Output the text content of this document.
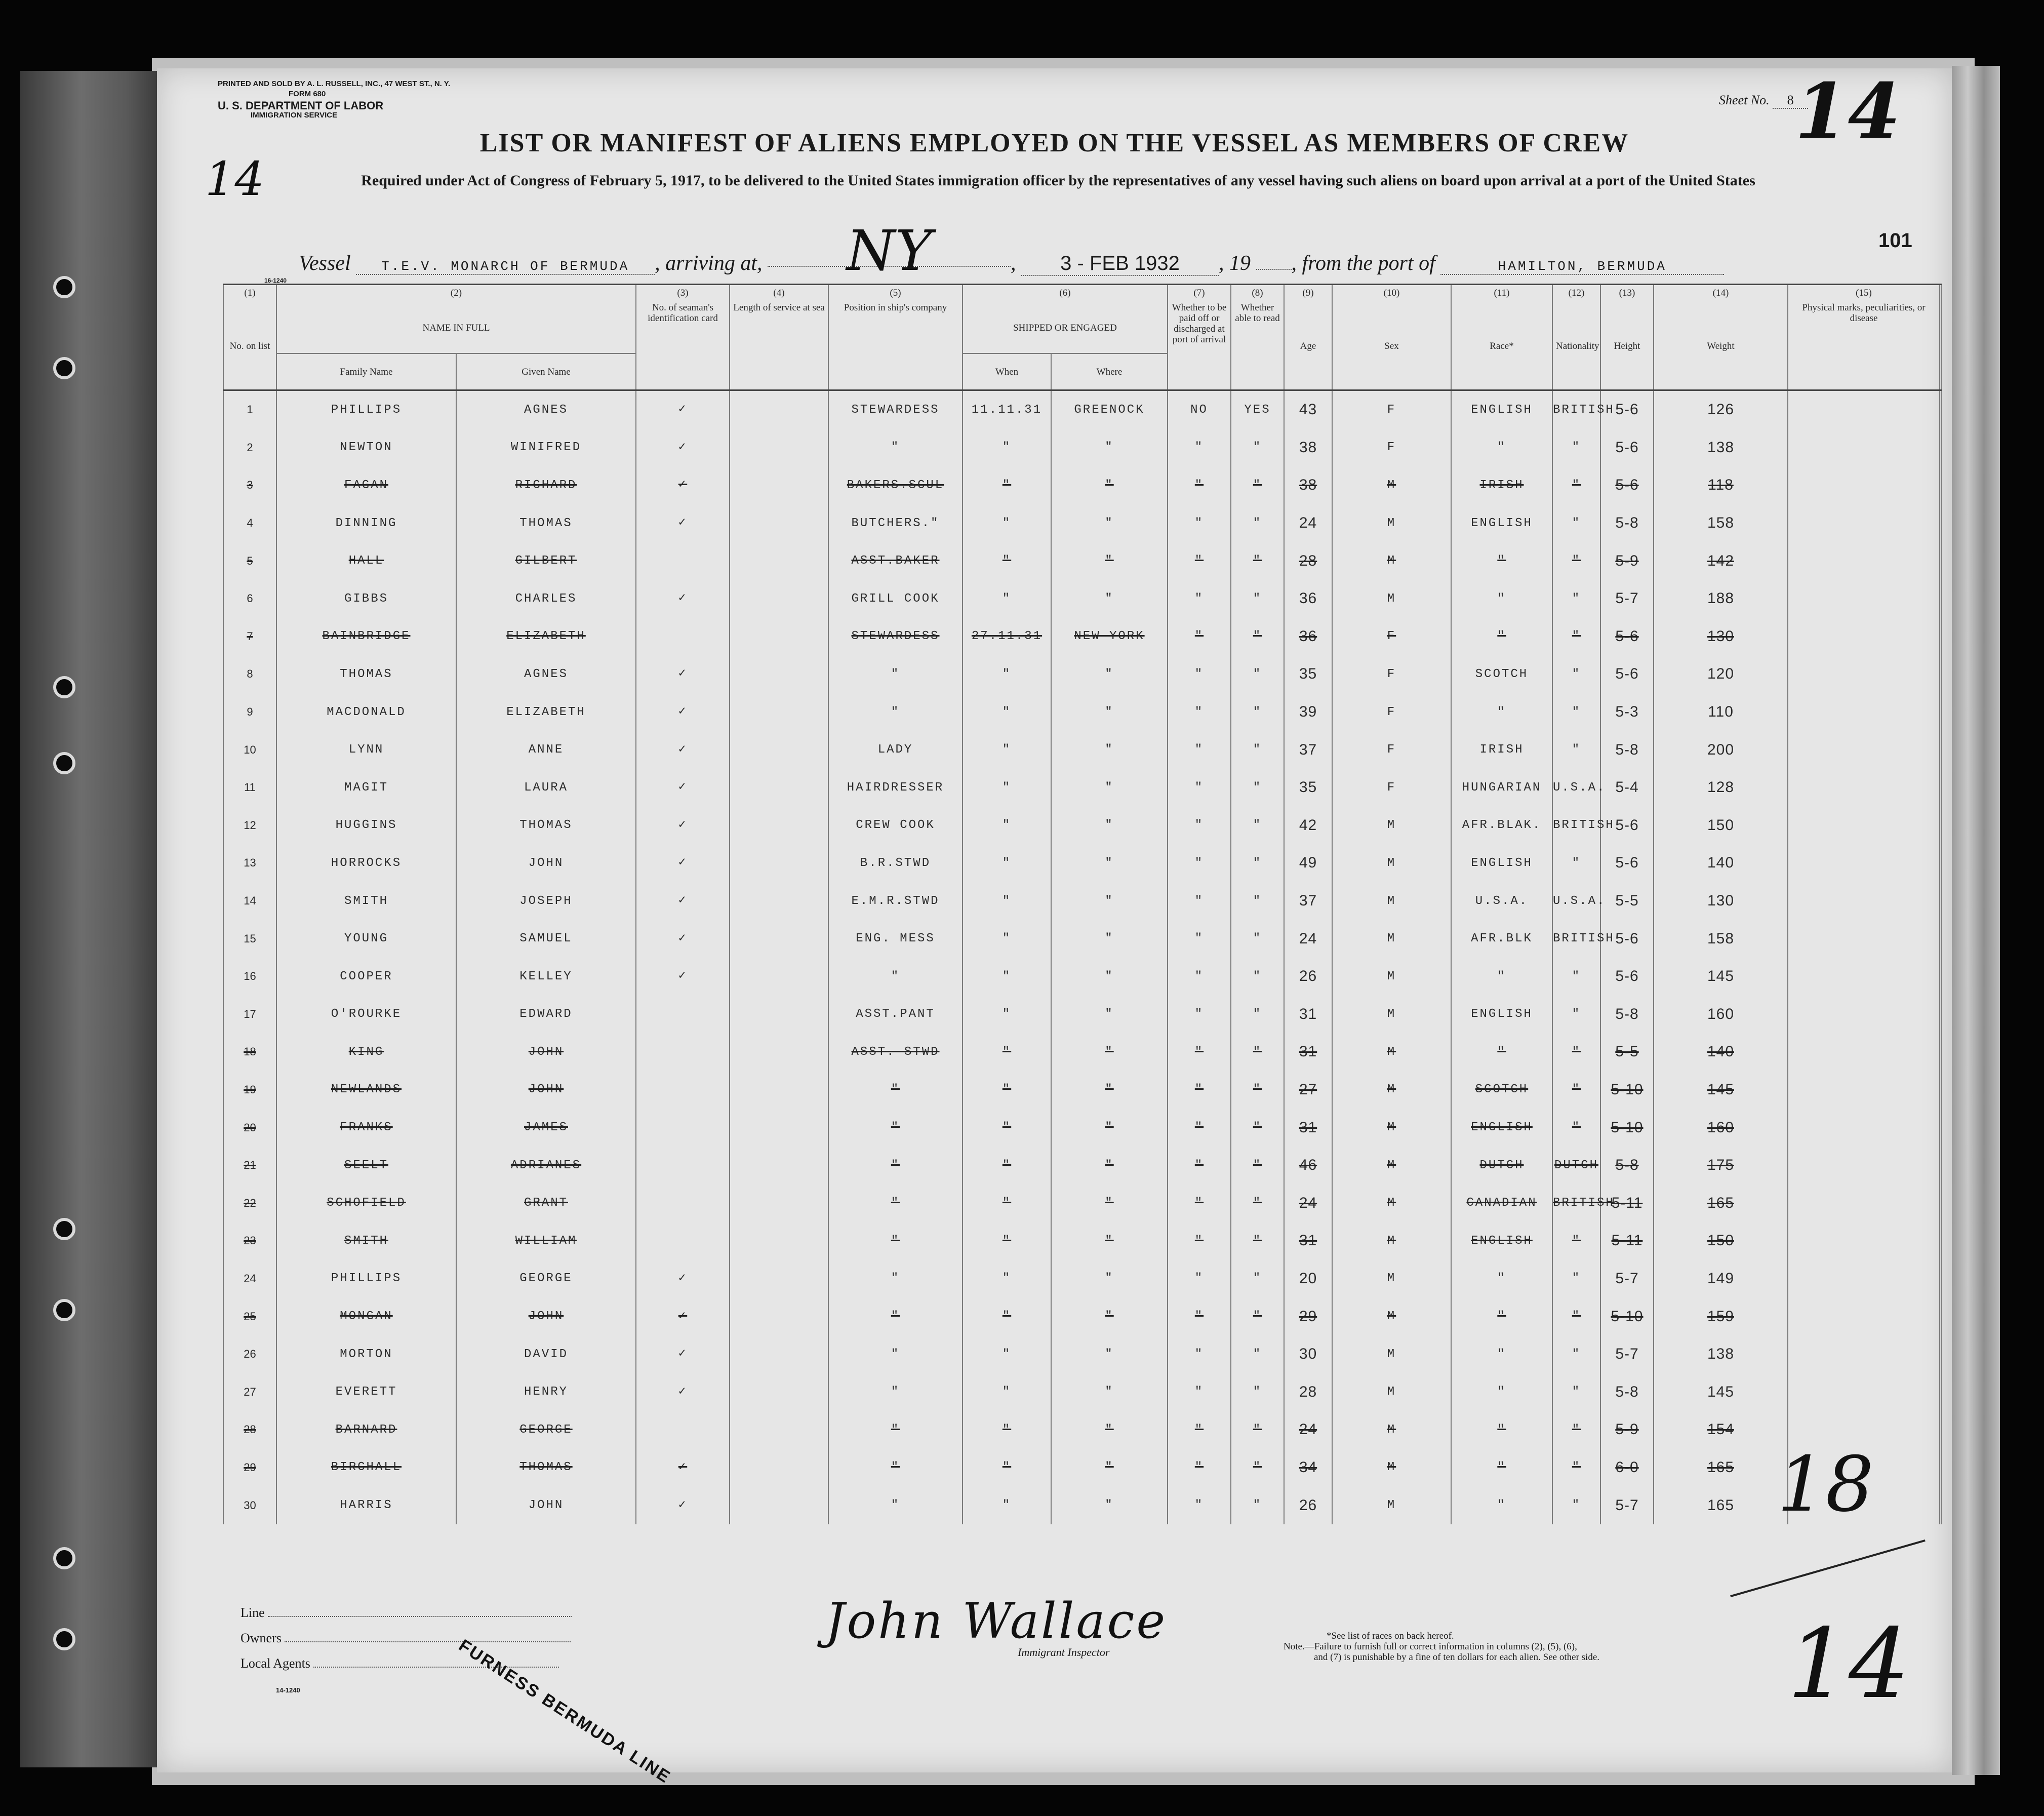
PRINTED AND SOLD BY A. L. RUSSELL, INC., 47 WEST ST., N. Y.
FORM 680
U. S. DEPARTMENT OF LABOR
IMMIGRATION SERVICE
Sheet No. 8 14
LIST OR MANIFEST OF ALIENS EMPLOYED ON THE VESSEL AS MEMBERS OF CREW
14	Required under Act of Congress of February 5, 1917, to be delivered to the United States immigration officer by the representatives of any vessel having such aliens on board upon arrival at a port of the United States
Vessel T.E.V. MONARCH OF BERMUDA , arriving at, NY	, 3 - FEB 1932 , 19 , from the port of	HAMILTON, BERMUDA
101
16-1240
(1)	(2)		(3)	(4)	(5)	(6)		(7)	(8)	(9)	(10)	(11)	(12)	(13)	(14)	(15)	
No. on list	NAME IN FULL		No. of seaman's identification card	Length of service at sea	Position in ship's company	SHIPPED OR ENGAGED		Whether to be paid off or discharged at port of arrival	Whether able to read	Age	Sex	Race*	Nationality	Height	Weight	Physical marks, peculiarities, or disease	
	Family Name	Given Name				When	Where										
1	PHILLIPS	AGNES	✓		STEWARDESS	11.11.31	GREENOCK	NO	YES	43	F	ENGLISH	BRITISH	5-6	126		
2	NEWTON	WINIFRED	✓		"	"	"	"	"	38	F	"	"	5-6	138		
3	FAGAN	RICHARD	✓		BAKERS.SCUL	"	"	"	"	38	M	IRISH	"	5-6	118		
4	DINNING	THOMAS	✓		BUTCHERS."	"	"	"	"	24	M	ENGLISH	"	5-8	158		
5	HALL	GILBERT			ASST.BAKER	"	"	"	"	28	M	"	"	5-9	142		
6	GIBBS	CHARLES	✓		GRILL COOK	"	"	"	"	36	M	"	"	5-7	188		
7	BAINBRIDGE	ELIZABETH			STEWARDESS	27.11.31	NEW YORK	"	"	36	F	"	"	5-6	130		
8	THOMAS	AGNES	✓		"	"	"	"	"	35	F	SCOTCH	"	5-6	120		
9	MACDONALD	ELIZABETH	✓		"	"	"	"	"	39	F	"	"	5-3	110		
10	LYNN	ANNE	✓		LADY	"	"	"	"	37	F	IRISH	"	5-8	200		
11	MAGIT	LAURA	✓		HAIRDRESSER	"	"	"	"	35	F	HUNGARIAN	U.S.A.	5-4	128		
12	HUGGINS	THOMAS	✓		CREW COOK	"	"	"	"	42	M	AFR.BLAK.	BRITISH	5-6	150		
13	HORROCKS	JOHN	✓		B.R.STWD	"	"	"	"	49	M	ENGLISH	"	5-6	140		
14	SMITH	JOSEPH	✓		E.M.R.STWD	"	"	"	"	37	M	U.S.A.	U.S.A.	5-5	130		
15	YOUNG	SAMUEL	✓		ENG. MESS	"	"	"	"	24	M	AFR.BLK	BRITISH	5-6	158		
16	COOPER	KELLEY	✓		"	"	"	"	"	26	M	"	"	5-6	145		
17	O'ROURKE	EDWARD			ASST.PANT	"	"	"	"	31	M	ENGLISH	"	5-8	160		
18	KING	JOHN			ASST. STWD	"	"	"	"	31	M	"	"	5-5	140		
19	NEWLANDS	JOHN			"	"	"	"	"	27	M	SCOTCH	"	5-10	145		
20	FRANKS	JAMES			"	"	"	"	"	31	M	ENGLISH	"	5-10	160		
21	SEELT	ADRIANES			"	"	"	"	"	46	M	DUTCH	DUTCH	5-8	175		
22	SCHOFIELD	GRANT			"	"	"	"	"	24	M	CANADIAN	BRITISH	5-11	165		
23	SMITH	WILLIAM			"	"	"	"	"	31	M	ENGLISH	"	5-11	150		
24	PHILLIPS	GEORGE	✓		"	"	"	"	"	20	M	"	"	5-7	149		
25	MONGAN	JOHN	✓		"	"	"	"	"	29	M	"	"	5-10	159		
26	MORTON	DAVID	✓		"	"	"	"	"	30	M	"	"	5-7	138		
27	EVERETT	HENRY	✓		"	"	"	"	"	28	M	"	"	5-8	145		
28	BARNARD	GEORGE			"	"	"	"	"	24	M	"	"	5-9	154		
29	BIRCHALL	THOMAS	✓		"	"	"	"	"	34	M	"	"	6-0	165		
30	HARRIS	JOHN	✓		"	"	"	"	"	26	M	"	"	5-7	165		
Line
Owners
Local Agents	FURNESS BERMUDA LINE
14-1240
John Wallace
Immigrant Inspector
*See list of races on back hereof.
Note.—Failure to furnish full or correct information in columns (2), (5), (6),
and (7) is punishable by a fine of ten dollars for each alien. See other side.
18
14
